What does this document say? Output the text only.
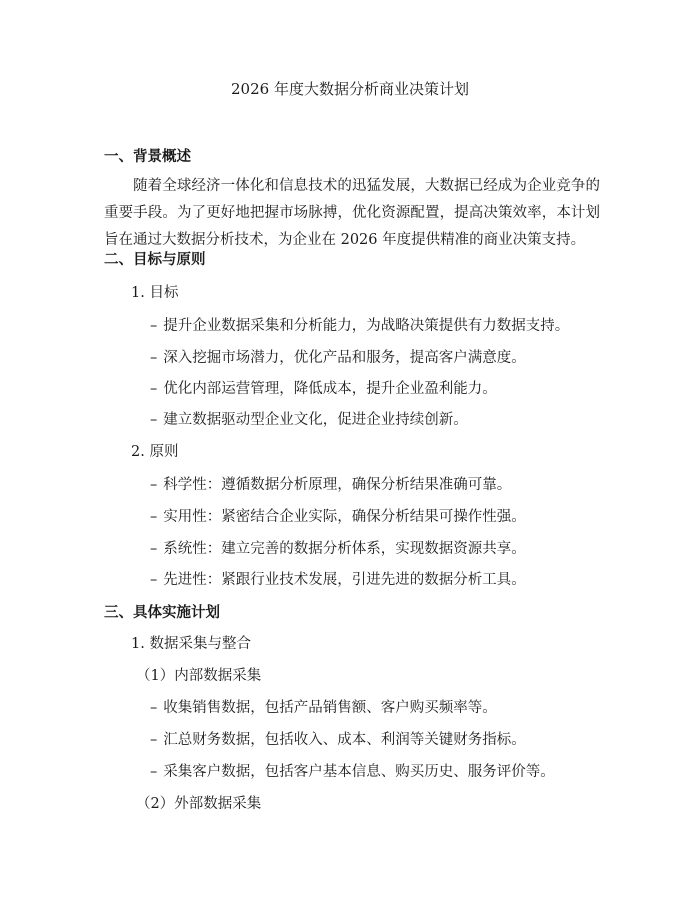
2026 年度大数据分析商业决策计划
一、背景概述
随着全球经济一体化和信息技术的迅猛发展，大数据已经成为企业竞争的重要手段。为了更好地把握市场脉搏，优化资源配置，提高决策效率，本计划旨在通过大数据分析技术，为企业在 2026 年度提供精准的商业决策支持。
二、目标与原则
1. 目标
– 提升企业数据采集和分析能力，为战略决策提供有力数据支持。
– 深入挖掘市场潜力，优化产品和服务，提高客户满意度。
– 优化内部运营管理，降低成本，提升企业盈利能力。
– 建立数据驱动型企业文化，促进企业持续创新。
2. 原则
– 科学性：遵循数据分析原理，确保分析结果准确可靠。
– 实用性：紧密结合企业实际，确保分析结果可操作性强。
– 系统性：建立完善的数据分析体系，实现数据资源共享。
– 先进性：紧跟行业技术发展，引进先进的数据分析工具。
三、具体实施计划
1. 数据采集与整合
（1）内部数据采集
– 收集销售数据，包括产品销售额、客户购买频率等。
– 汇总财务数据，包括收入、成本、利润等关键财务指标。
– 采集客户数据，包括客户基本信息、购买历史、服务评价等。
（2）外部数据采集
